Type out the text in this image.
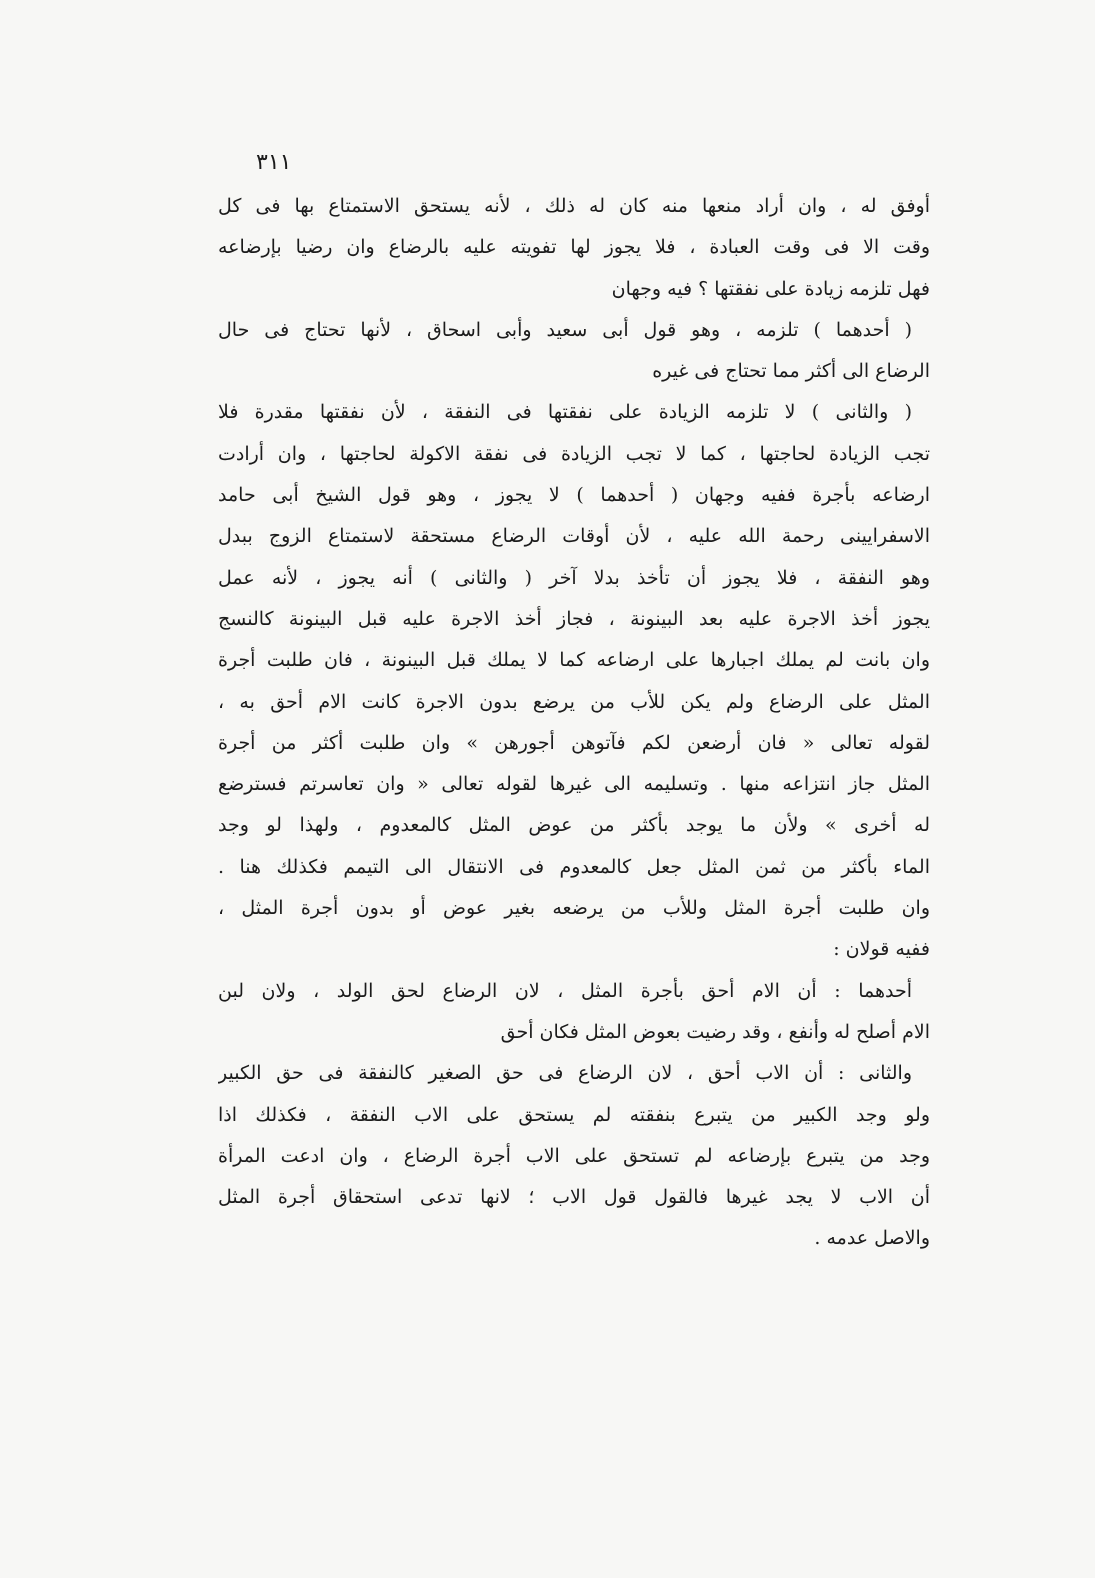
٣١١
أوفق له ، وان أراد منعها منه كان له ذلك ، لأنه يستحق الاستمتاع بها فى كل
وقت الا فى وقت العبادة ، فلا يجوز لها تفويته عليه بالرضاع وان رضيا بإرضاعه
فهل تلزمه زيادة على نفقتها ؟ فيه وجهان
( أحدهما ) تلزمه ، وهو قول أبى سعيد وأبى اسحاق ، لأنها تحتاج فى حال
الرضاع الى أكثر مما تحتاج فى غيره
( والثانى ) لا تلزمه الزيادة على نفقتها فى النفقة ، لأن نفقتها مقدرة فلا
تجب الزيادة لحاجتها ، كما لا تجب الزيادة فى نفقة الاكولة لحاجتها ، وان أرادت
ارضاعه بأجرة ففيه وجهان ( أحدهما ) لا يجوز ، وهو قول الشيخ أبى حامد
الاسفرايينى رحمة الله عليه ، لأن أوقات الرضاع مستحقة لاستمتاع الزوج ببدل
وهو النفقة ، فلا يجوز أن تأخذ بدلا آخر ( والثانى ) أنه يجوز ، لأنه عمل
يجوز أخذ الاجرة عليه بعد البينونة ، فجاز أخذ الاجرة عليه قبل البينونة كالنسج
وان بانت لم يملك اجبارها على ارضاعه كما لا يملك قبل البينونة ، فان طلبت أجرة
المثل على الرضاع ولم يكن للأب من يرضع بدون الاجرة كانت الام أحق به ،
لقوله تعالى « فان أرضعن لكم فآتوهن أجورهن » وان طلبت أكثر من أجرة
المثل جاز انتزاعه منها . وتسليمه الى غيرها لقوله تعالى « وان تعاسرتم فسترضع
له أخرى » ولأن ما يوجد بأكثر من عوض المثل كالمعدوم ، ولهذا لو وجد
الماء بأكثر من ثمن المثل جعل كالمعدوم فى الانتقال الى التيمم فكذلك هنا .
وان طلبت أجرة المثل وللأب من يرضعه بغير عوض أو بدون أجرة المثل ،
ففيه قولان :
أحدهما : أن الام أحق بأجرة المثل ، لان الرضاع لحق الولد ، ولان لبن
الام أصلح له وأنفع ، وقد رضيت بعوض المثل فكان أحق
والثانى : أن الاب أحق ، لان الرضاع فى حق الصغير كالنفقة فى حق الكبير
ولو وجد الكبير من يتبرع بنفقته لم يستحق على الاب النفقة ، فكذلك اذا
وجد من يتبرع بإرضاعه لم تستحق على الاب أجرة الرضاع ، وان ادعت المرأة
أن الاب لا يجد غيرها فالقول قول الاب ؛ لانها تدعى استحقاق أجرة المثل
والاصل عدمه .
